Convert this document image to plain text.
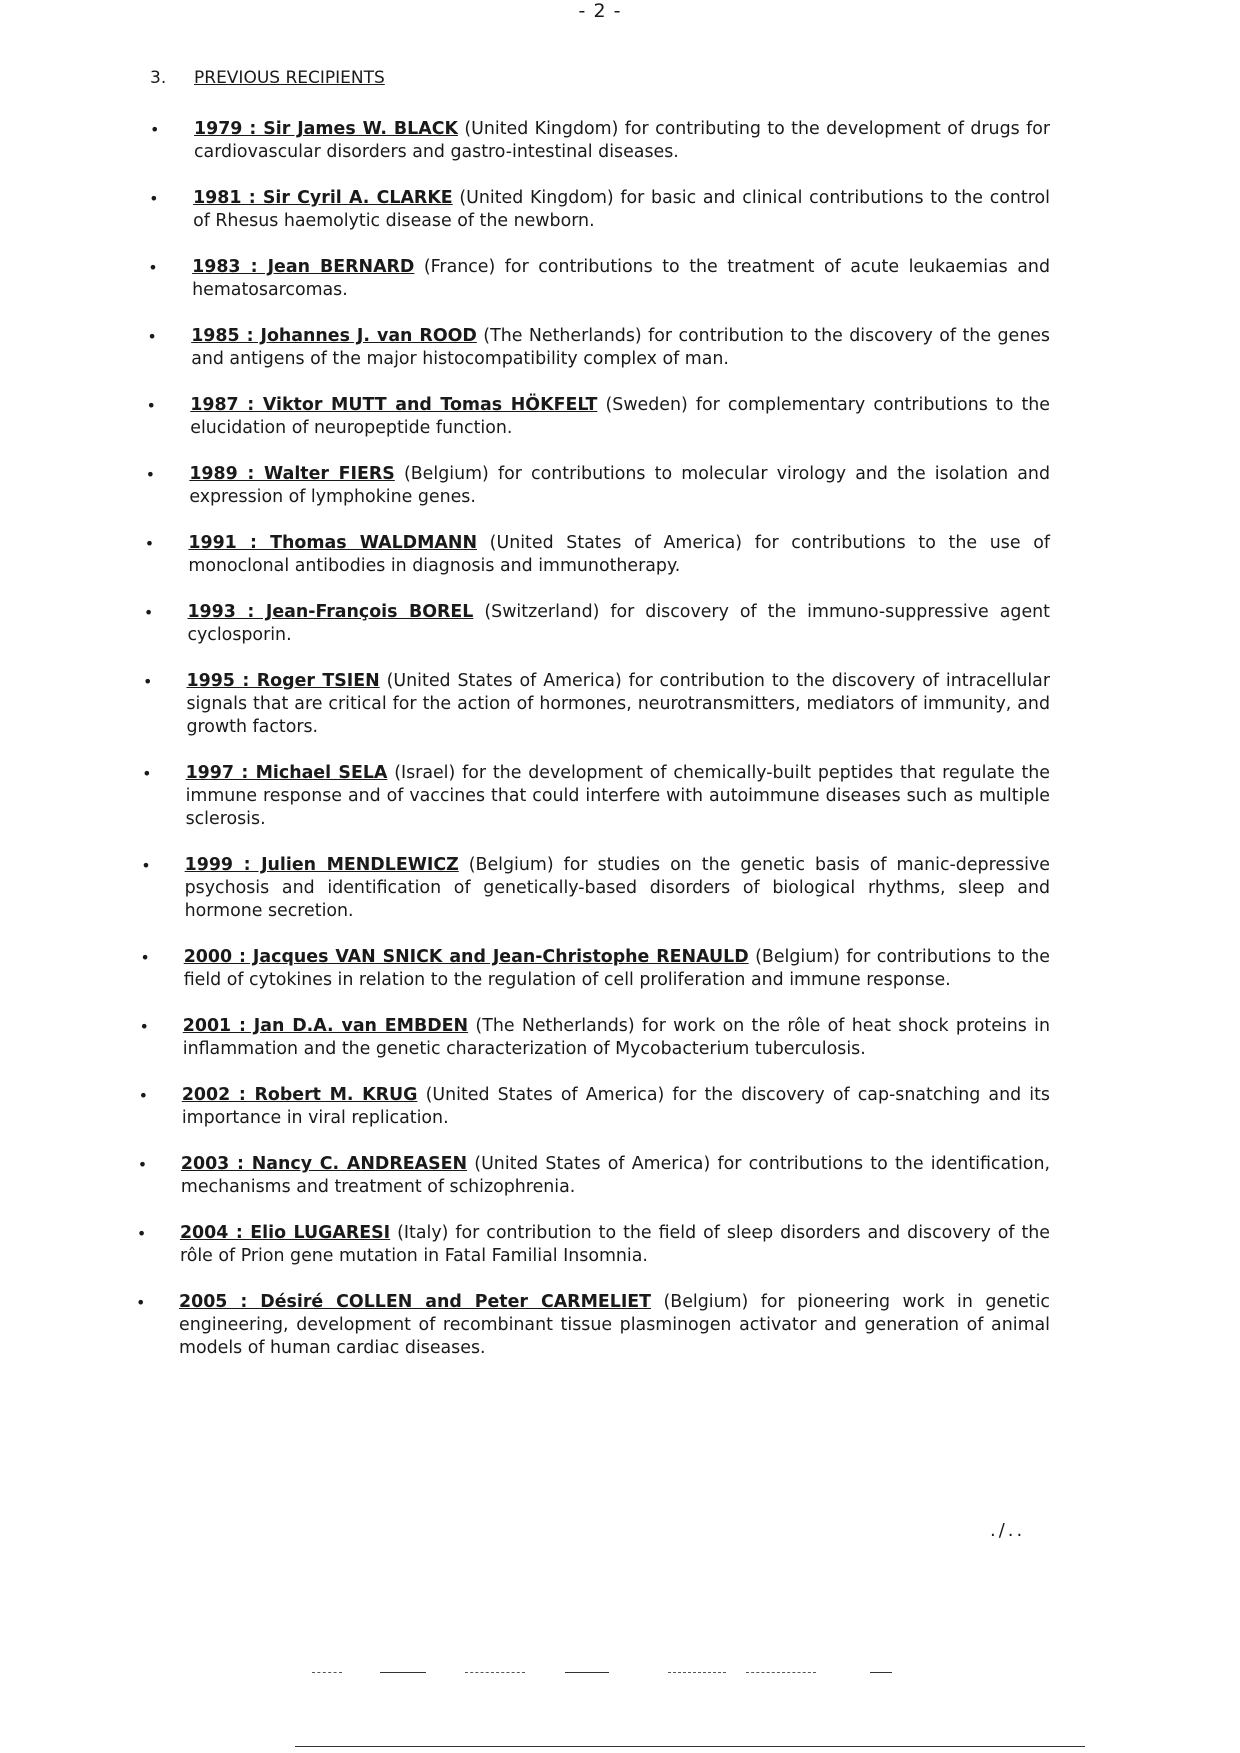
- 2 -
3. PREVIOUS RECIPIENTS
• 1979 : Sir James W. BLACK (United Kingdom) for contributing to the development of drugs for cardiovascular disorders and gastro-intestinal diseases.
• 1981 : Sir Cyril A. CLARKE (United Kingdom) for basic and clinical contributions to the control of Rhesus haemolytic disease of the newborn.
• 1983 : Jean BERNARD (France) for contributions to the treatment of acute leukaemias and hematosarcomas.
• 1985 : Johannes J. van ROOD (The Netherlands) for contribution to the discovery of the genes and antigens of the major histocompatibility complex of man.
• 1987 : Viktor MUTT and Tomas HÖKFELT (Sweden) for complementary contributions to the elucidation of neuropeptide function.
• 1989 : Walter FIERS (Belgium) for contributions to molecular virology and the isolation and expression of lymphokine genes.
• 1991 : Thomas WALDMANN (United States of America) for contributions to the use of monoclonal antibodies in diagnosis and immunotherapy.
• 1993 : Jean-François BOREL (Switzerland) for discovery of the immuno-suppressive agent cyclosporin.
• 1995 : Roger TSIEN (United States of America) for contribution to the discovery of intracellular signals that are critical for the action of hormones, neurotransmitters, mediators of immunity, and growth factors.
• 1997 : Michael SELA (Israel) for the development of chemically-built peptides that regulate the immune response and of vaccines that could interfere with autoimmune diseases such as multiple sclerosis.
• 1999 : Julien MENDLEWICZ (Belgium) for studies on the genetic basis of manic-depressive psychosis and identification of genetically-based disorders of biological rhythms, sleep and hormone secretion.
• 2000 : Jacques VAN SNICK and Jean-Christophe RENAULD (Belgium) for contributions to the field of cytokines in relation to the regulation of cell proliferation and immune response.
• 2001 : Jan D.A. van EMBDEN (The Netherlands) for work on the rôle of heat shock proteins in inflammation and the genetic characterization of Mycobacterium tuberculosis.
• 2002 : Robert M. KRUG (United States of America) for the discovery of cap-snatching and its importance in viral replication.
• 2003 : Nancy C. ANDREASEN (United States of America) for contributions to the identification, mechanisms and treatment of schizophrenia.
• 2004 : Elio LUGARESI (Italy) for contribution to the field of sleep disorders and discovery of the rôle of Prion gene mutation in Fatal Familial Insomnia.
• 2005 : Désiré COLLEN and Peter CARMELIET (Belgium) for pioneering work in genetic engineering, development of recombinant tissue plasminogen activator and generation of animal models of human cardiac diseases.
./..
